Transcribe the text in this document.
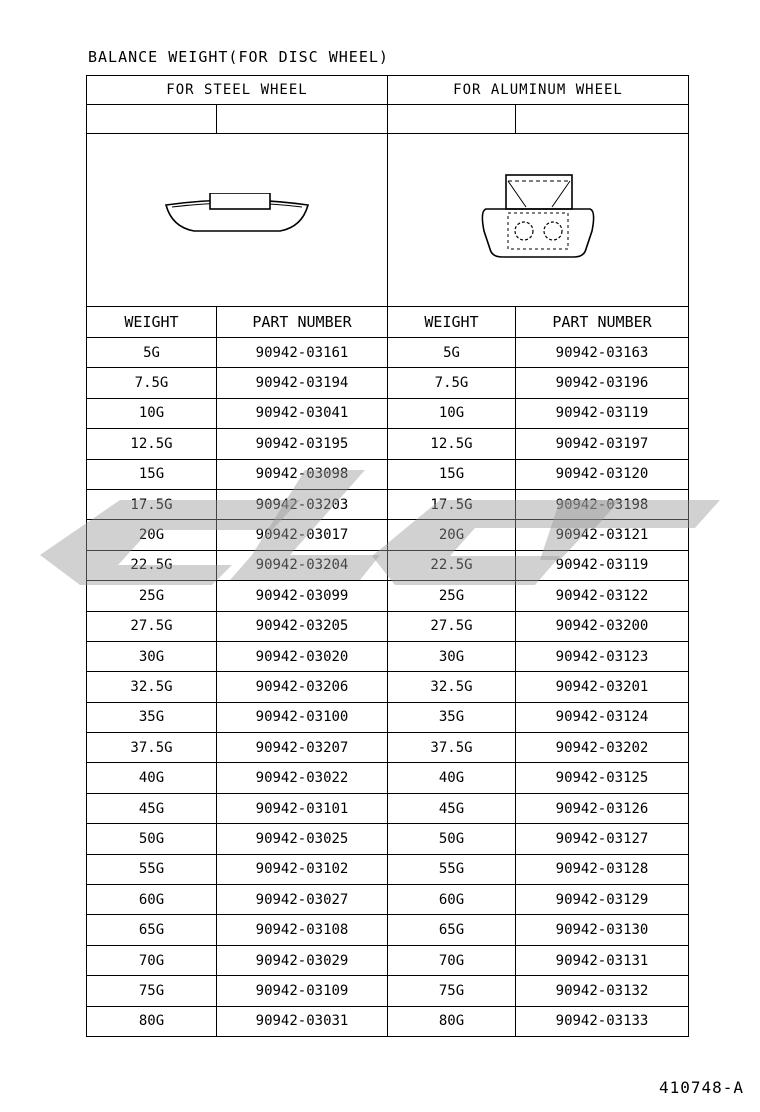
BALANCE WEIGHT(FOR DISC WHEEL)
FOR STEEL WHEEL		FOR ALUMINUM WHEEL	

WEIGHT	PART NUMBER	WEIGHT	PART NUMBER
5G	90942-03161	5G	90942-03163
7.5G	90942-03194	7.5G	90942-03196
10G	90942-03041	10G	90942-03119
12.5G	90942-03195	12.5G	90942-03197
15G	90942-03098	15G	90942-03120
17.5G	90942-03203	17.5G	90942-03198
20G	90942-03017	20G	90942-03121
22.5G	90942-03204	22.5G	90942-03119
25G	90942-03099	25G	90942-03122
27.5G	90942-03205	27.5G	90942-03200
30G	90942-03020	30G	90942-03123
32.5G	90942-03206	32.5G	90942-03201
35G	90942-03100	35G	90942-03124
37.5G	90942-03207	37.5G	90942-03202
40G	90942-03022	40G	90942-03125
45G	90942-03101	45G	90942-03126
50G	90942-03025	50G	90942-03127
55G	90942-03102	55G	90942-03128
60G	90942-03027	60G	90942-03129
65G	90942-03108	65G	90942-03130
70G	90942-03029	70G	90942-03131
75G	90942-03109	75G	90942-03132
80G	90942-03031	80G	90942-03133
410748-A
